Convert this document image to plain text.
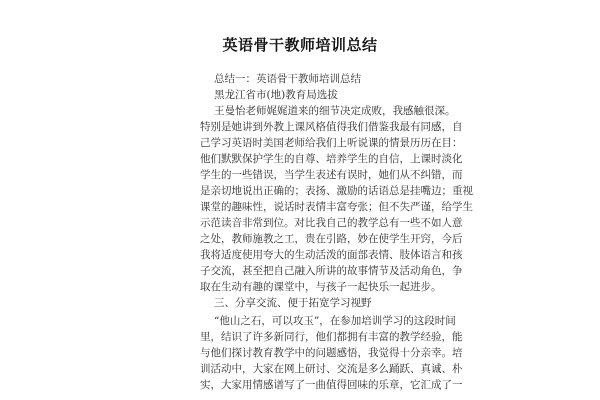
英语骨干教师培训总结
总结一：英语骨干教师培训总结
黑龙江省市(地)教育局选拔
王曼怡老师娓娓道来的细节决定成败，我感触很深。
特别是她讲到外教上课风格值得我们借鉴我最有同感，自
己学习英语时美国老师给我们上听说课的情景历历在目：
他们默默保护学生的自尊、培养学生的自信，上课时淡化
学生的一些错误，当学生表述有误时，她们从不纠错，而
是亲切地说出正确的；表扬、激励的话语总是挂嘴边；重视
课堂的趣味性，说话时表情丰富夸张；但不失严谨，给学生
示范读音非常到位。对比我自己的教学总有一些不如人意
之处，教师施教之工，贵在引路，妙在使学生开窍，今后
我将适度使用夸大的生动活泼的面部表情、肢体语言和孩
子交流，甚至把自己融入所讲的故事情节及活动角色，争
取在生动有趣的课堂中，与孩子一起快乐一起进步。
三、分享交流、便于拓宽学习视野
“他山之石，可以攻玉”，在参加培训学习的这段时间
里，结识了许多新同行，他们都拥有丰富的教学经验，能
与他们探讨教育教学中的问题感悟，我觉得十分亲幸。培
训活动中，大家在网上研讨、交流是多么踊跃、真诚、朴
实，大家用情感谱写了一曲值得回味的乐章，它汇成了一
